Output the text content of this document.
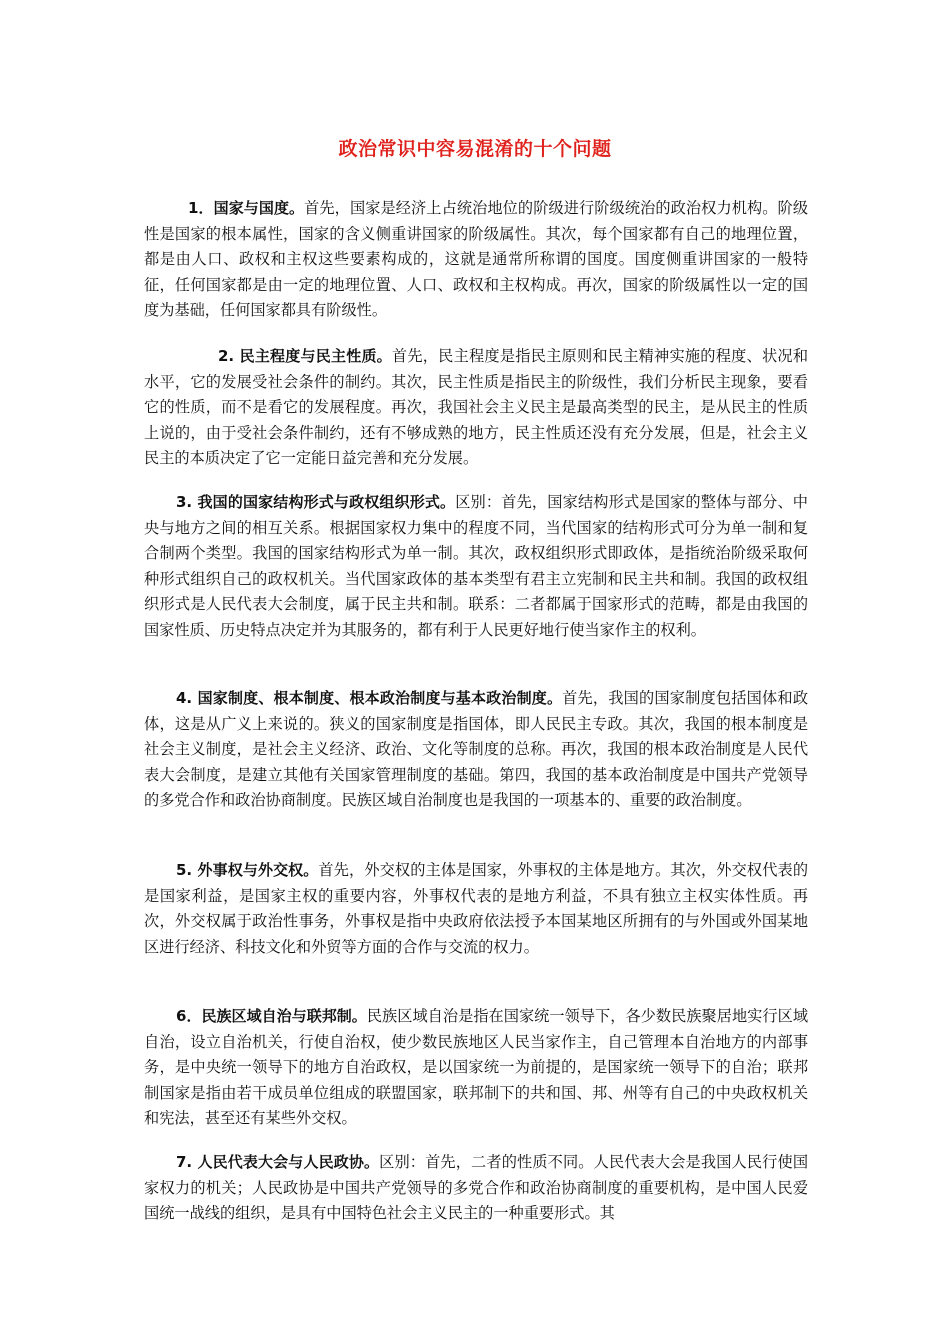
政治常识中容易混淆的十个问题

1．国家与国度。首先，国家是经济上占统治地位的阶级进行阶级统治的政治权力机构。阶级性是国家的根本属性，国家的含义侧重讲国家的阶级属性。其次，每个国家都有自己的地理位置，都是由人口、政权和主权这些要素构成的，这就是通常所称谓的国度。国度侧重讲国家的一般特征，任何国家都是由一定的地理位置、人口、政权和主权构成。再次，国家的阶级属性以一定的国度为基础，任何国家都具有阶级性。

2. 民主程度与民主性质。首先，民主程度是指民主原则和民主精神实施的程度、状况和水平，它的发展受社会条件的制约。其次，民主性质是指民主的阶级性，我们分析民主现象，要看它的性质，而不是看它的发展程度。再次，我国社会主义民主是最高类型的民主，是从民主的性质上说的，由于受社会条件制约，还有不够成熟的地方，民主性质还没有充分发展，但是，社会主义民主的本质决定了它一定能日益完善和充分发展。

3. 我国的国家结构形式与政权组织形式。区别：首先，国家结构形式是国家的整体与部分、中央与地方之间的相互关系。根据国家权力集中的程度不同，当代国家的结构形式可分为单一制和复合制两个类型。我国的国家结构形式为单一制。其次，政权组织形式即政体，是指统治阶级采取何种形式组织自己的政权机关。当代国家政体的基本类型有君主立宪制和民主共和制。我国的政权组织形式是人民代表大会制度，属于民主共和制。联系：二者都属于国家形式的范畴，都是由我国的国家性质、历史特点决定并为其服务的，都有利于人民更好地行使当家作主的权利。

4. 国家制度、根本制度、根本政治制度与基本政治制度。首先，我国的国家制度包括国体和政体，这是从广义上来说的。狭义的国家制度是指国体，即人民民主专政。其次，我国的根本制度是社会主义制度，是社会主义经济、政治、文化等制度的总称。再次，我国的根本政治制度是人民代表大会制度，是建立其他有关国家管理制度的基础。第四，我国的基本政治制度是中国共产党领导的多党合作和政治协商制度。民族区域自治制度也是我国的一项基本的、重要的政治制度。

5. 外事权与外交权。首先，外交权的主体是国家，外事权的主体是地方。其次，外交权代表的是国家利益，是国家主权的重要内容，外事权代表的是地方利益，不具有独立主权实体性质。再次，外交权属于政治性事务，外事权是指中央政府依法授予本国某地区所拥有的与外国或外国某地区进行经济、科技文化和外贸等方面的合作与交流的权力。

6．民族区域自治与联邦制。民族区域自治是指在国家统一领导下，各少数民族聚居地实行区域自治，设立自治机关，行使自治权，使少数民族地区人民当家作主，自己管理本自治地方的内部事务，是中央统一领导下的地方自治政权，是以国家统一为前提的，是国家统一领导下的自治；联邦制国家是指由若干成员单位组成的联盟国家，联邦制下的共和国、邦、州等有自己的中央政权机关和宪法，甚至还有某些外交权。

7. 人民代表大会与人民政协。区别：首先，二者的性质不同。人民代表大会是我国人民行使国家权力的机关；人民政协是中国共产党领导的多党合作和政治协商制度的重要机构，是中国人民爱国统一战线的组织，是具有中国特色社会主义民主的一种重要形式。其
